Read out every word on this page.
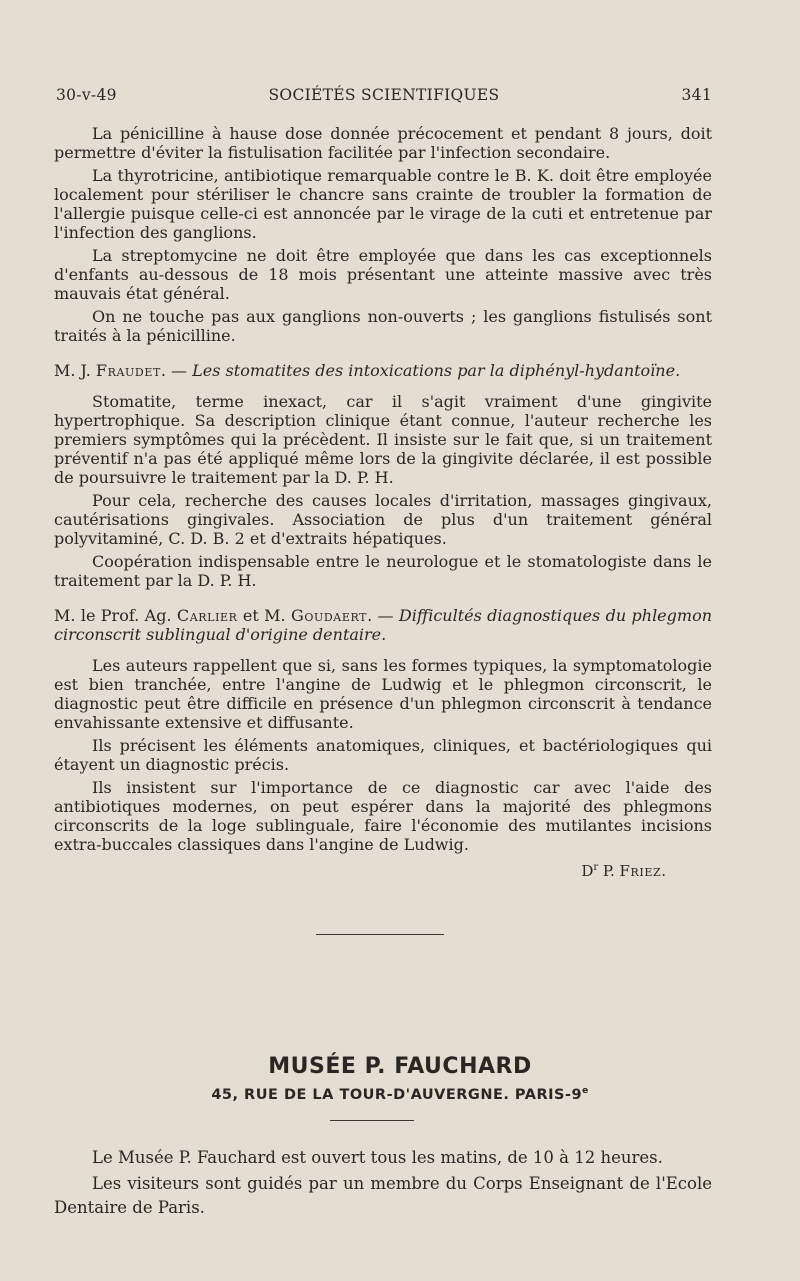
30-v-49	SOCIÉTÉS SCIENTIFIQUES	341

La pénicilline à hause dose donnée précocement et pendant 8 jours, doit permettre d'éviter la fistulisation facilitée par l'infection secondaire.

La thyrotricine, antibiotique remarquable contre le B. K. doit être employée localement pour stériliser le chancre sans crainte de troubler la formation de l'allergie puisque celle-ci est annoncée par le virage de la cuti et entretenue par l'infection des ganglions.

La streptomycine ne doit être employée que dans les cas exceptionnels d'enfants au-dessous de 18 mois présentant une atteinte massive avec très mauvais état général.

On ne touche pas aux ganglions non-ouverts ; les ganglions fistulisés sont traités à la pénicilline.

M. J. Fraudet. — Les stomatites des intoxications par la diphényl-hydantoïne.

Stomatite, terme inexact, car il s'agit vraiment d'une gingivite hypertrophique. Sa description clinique étant connue, l'auteur recherche les premiers symptômes qui la précèdent. Il insiste sur le fait que, si un traitement préventif n'a pas été appliqué même lors de la gingivite déclarée, il est possible de poursuivre le traitement par la D. P. H.

Pour cela, recherche des causes locales d'irritation, massages gingivaux, cautérisations gingivales. Association de plus d'un traitement général polyvitaminé, C. D. B. 2 et d'extraits hépatiques.

Coopération indispensable entre le neurologue et le stomatologiste dans le traitement par la D. P. H.

M. le Prof. Ag. Carlier et M. Goudaert. — Difficultés diagnostiques du phlegmon circonscrit sublingual d'origine dentaire.

Les auteurs rappellent que si, sans les formes typiques, la symptomatologie est bien tranchée, entre l'angine de Ludwig et le phlegmon circonscrit, le diagnostic peut être difficile en présence d'un phlegmon circonscrit à tendance envahissante extensive et diffusante.

Ils précisent les éléments anatomiques, cliniques, et bactériologiques qui étayent un diagnostic précis.

Ils insistent sur l'importance de ce diagnostic car avec l'aide des antibiotiques modernes, on peut espérer dans la majorité des phlegmons circonscrits de la loge sublinguale, faire l'économie des mutilantes incisions extra-buccales classiques dans l'angine de Ludwig.

$D^r$ P. Friez.

MUSÉE P. FAUCHARD
45, RUE DE LA TOUR-D'AUVERGNE. PARIS-9e

Le Musée P. Fauchard est ouvert tous les matins, de 10 à 12 heures.

Les visiteurs sont guidés par un membre du Corps Enseignant de l'Ecole Dentaire de Paris.
